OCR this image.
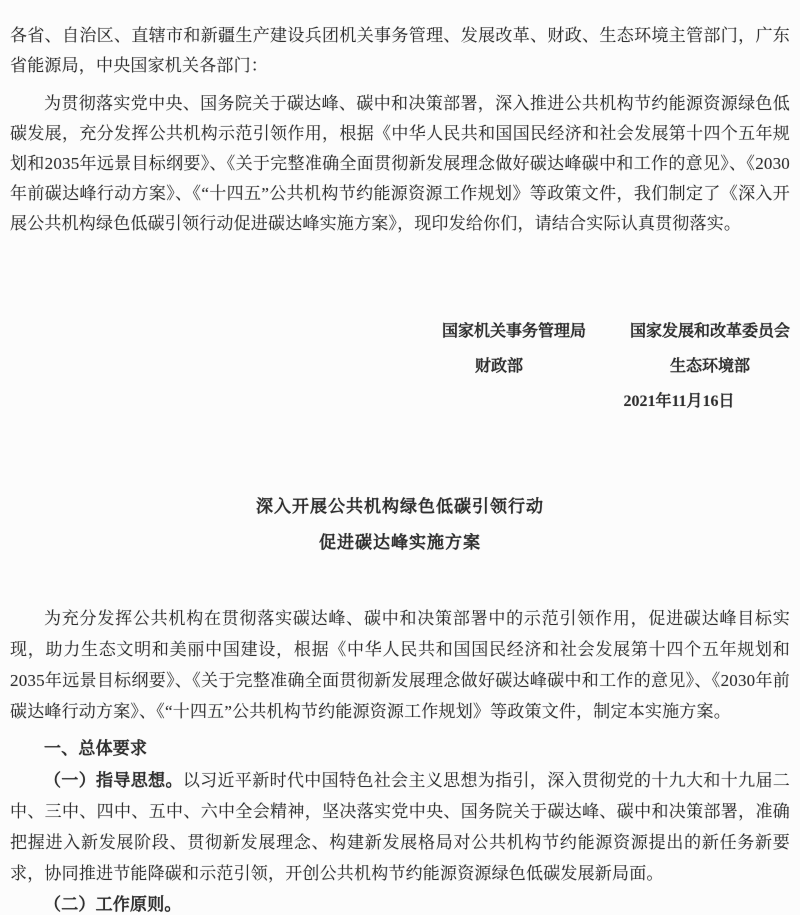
各省、自治区、直辖市和新疆生产建设兵团机关事务管理、发展改革、财政、生态环境主管部门，广东省能源局，中央国家机关各部门：

为贯彻落实党中央、国务院关于碳达峰、碳中和决策部署，深入推进公共机构节约能源资源绿色低碳发展，充分发挥公共机构示范引领作用，根据《中华人民共和国国民经济和社会发展第十四个五年规划和2035年远景目标纲要》、《关于完整准确全面贯彻新发展理念做好碳达峰碳中和工作的意见》、《2030年前碳达峰行动方案》、《“十四五”公共机构节约能源资源工作规划》等政策文件，我们制定了《深入开展公共机构绿色低碳引领行动促进碳达峰实施方案》，现印发给你们，请结合实际认真贯彻落实。

国家机关事务管理局
财政部
国家发展和改革委员会
生态环境部
2021年11月16日
深入开展公共机构绿色低碳引领行动
促进碳达峰实施方案

为充分发挥公共机构在贯彻落实碳达峰、碳中和决策部署中的示范引领作用，促进碳达峰目标实现，助力生态文明和美丽中国建设，根据《中华人民共和国国民经济和社会发展第十四个五年规划和2035年远景目标纲要》、《关于完整准确全面贯彻新发展理念做好碳达峰碳中和工作的意见》、《2030年前碳达峰行动方案》、《“十四五”公共机构节约能源资源工作规划》等政策文件，制定本实施方案。

一、总体要求

（一）指导思想。以习近平新时代中国特色社会主义思想为指引，深入贯彻党的十九大和十九届二中、三中、四中、五中、六中全会精神，坚决落实党中央、国务院关于碳达峰、碳中和决策部署，准确把握进入新发展阶段、贯彻新发展理念、构建新发展格局对公共机构节约能源资源提出的新任务新要求，协同推进节能降碳和示范引领，开创公共机构节约能源资源绿色低碳发展新局面。

（二）工作原则。
